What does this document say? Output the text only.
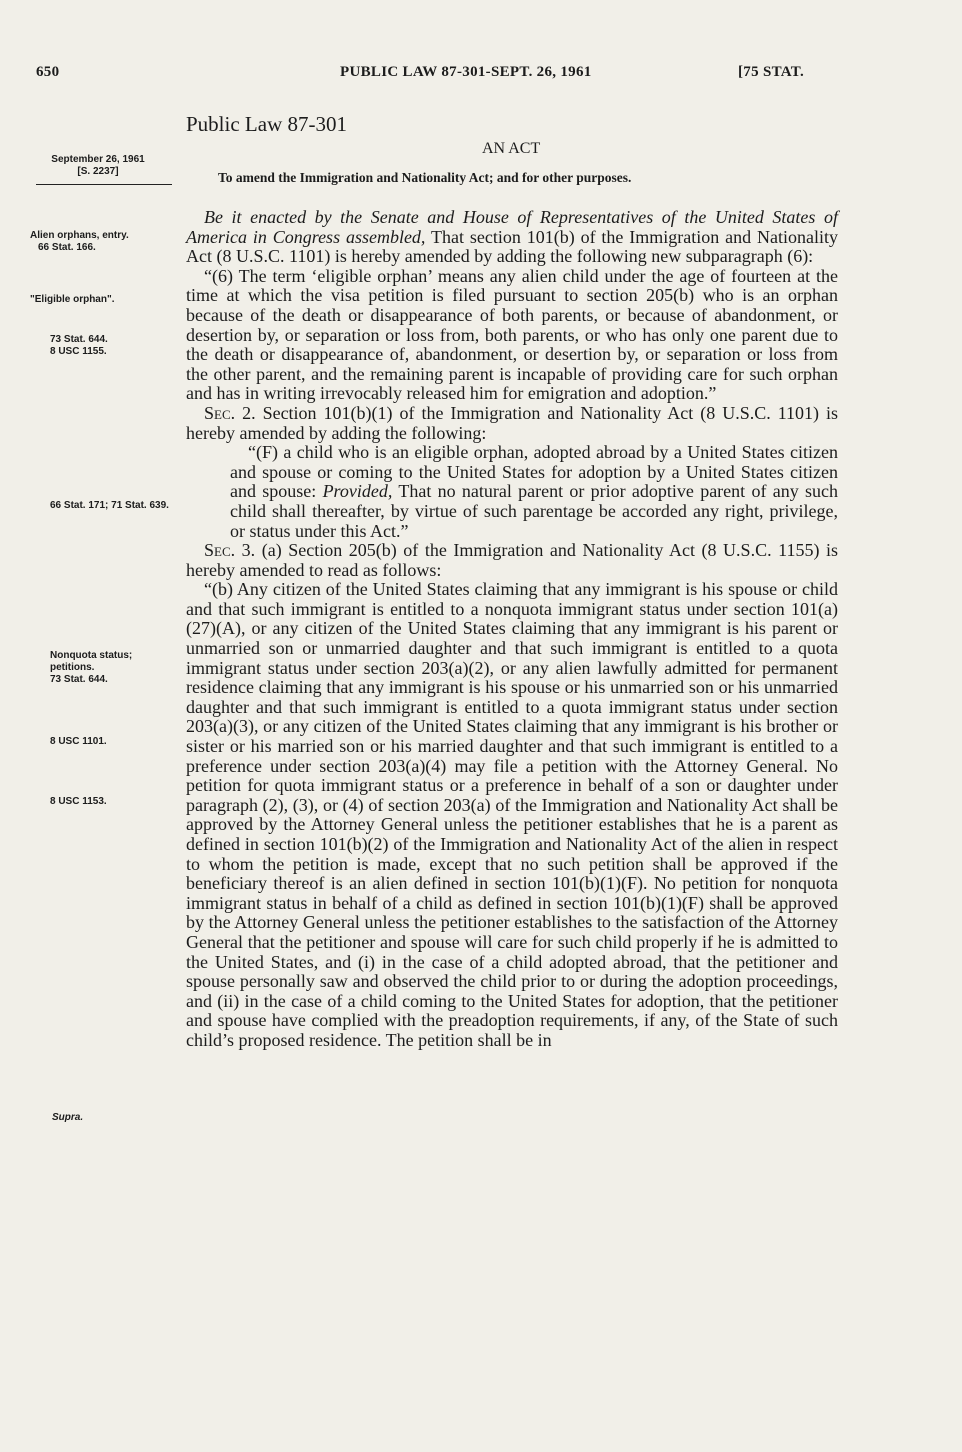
650	PUBLIC LAW 87-301-SEPT. 26, 1961	[75 STAT.
Public Law 87-301
AN ACT
To amend the Immigration and Nationality Act; and for other purposes.
September 26, 1961
[S. 2237]
Alien orphans, entry.
66 Stat. 166.
"Eligible orphan".
73 Stat. 644.
8 USC 1155.
66 Stat. 171; 71 Stat. 639.
Nonquota status; petitions.
73 Stat. 644.
8 USC 1101.
8 USC 1153.
Supra.

Be it enacted by the Senate and House of Representatives of the United States of America in Congress assembled, That section 101(b) of the Immigration and Nationality Act (8 U.S.C. 1101) is hereby amended by adding the following new subparagraph (6):

“(6) The term ‘eligible orphan’ means any alien child under the age of fourteen at the time at which the visa petition is filed pursuant to section 205(b) who is an orphan because of the death or disappearance of both parents, or because of abandonment, or desertion by, or separation or loss from, both parents, or who has only one parent due to the death or disappearance of, abandonment, or desertion by, or separation or loss from the other parent, and the remaining parent is incapable of providing care for such orphan and has in writing irrevocably released him for emigration and adoption.”

Sec. 2. Section 101(b)(1) of the Immigration and Nationality Act (8 U.S.C. 1101) is hereby amended by adding the following:

“(F) a child who is an eligible orphan, adopted abroad by a United States citizen and spouse or coming to the United States for adoption by a United States citizen and spouse: Provided, That no natural parent or prior adoptive parent of any such child shall thereafter, by virtue of such parentage be accorded any right, privilege, or status under this Act.”

Sec. 3. (a) Section 205(b) of the Immigration and Nationality Act (8 U.S.C. 1155) is hereby amended to read as follows:

“(b) Any citizen of the United States claiming that any immigrant is his spouse or child and that such immigrant is entitled to a nonquota immigrant status under section 101(a)(27)(A), or any citizen of the United States claiming that any immigrant is his parent or unmarried son or unmarried daughter and that such immigrant is entitled to a quota immigrant status under section 203(a)(2), or any alien lawfully admitted for permanent residence claiming that any immigrant is his spouse or his unmarried son or his unmarried daughter and that such immigrant is entitled to a quota immigrant status under section 203(a)(3), or any citizen of the United States claiming that any immigrant is his brother or sister or his married son or his married daughter and that such immigrant is entitled to a preference under section 203(a)(4) may file a petition with the Attorney General. No petition for quota immigrant status or a preference in behalf of a son or daughter under paragraph (2), (3), or (4) of section 203(a) of the Immigration and Nationality Act shall be approved by the Attorney General unless the petitioner establishes that he is a parent as defined in section 101(b)(2) of the Immigration and Nationality Act of the alien in respect to whom the petition is made, except that no such petition shall be approved if the beneficiary thereof is an alien defined in section 101(b)(1)(F). No petition for nonquota immigrant status in behalf of a child as defined in section 101(b)(1)(F) shall be approved by the Attorney General unless the petitioner establishes to the satisfaction of the Attorney General that the petitioner and spouse will care for such child properly if he is admitted to the United States, and (i) in the case of a child adopted abroad, that the petitioner and spouse personally saw and observed the child prior to or during the adoption proceedings, and (ii) in the case of a child coming to the United States for adoption, that the petitioner and spouse have complied with the preadoption requirements, if any, of the State of such child’s proposed residence. The petition shall be in
